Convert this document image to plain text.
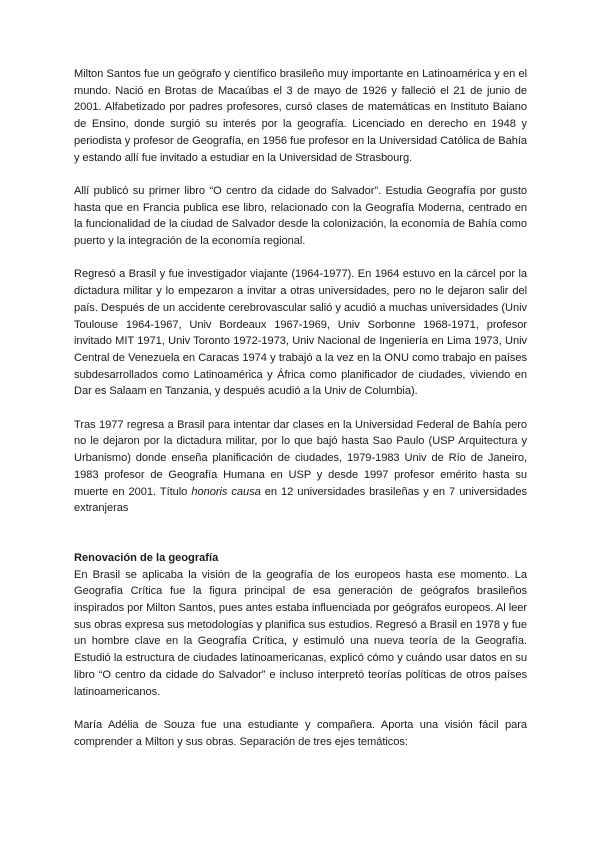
Milton Santos fue un geógrafo y científico brasileño muy importante en Latinoamérica y en el mundo. Nació en Brotas de Macaúbas el 3 de mayo de 1926 y falleció el 21 de junio de 2001. Alfabetizado por padres profesores, cursó clases de matemáticas en Instituto Baiano de Ensino, donde surgió su interés por la geografía. Licenciado en derecho en 1948 y periodista y profesor de Geografía, en 1956 fue profesor en la Universidad Católica de Bahía y estando allí fue invitado a estudiar en la Universidad de Strasbourg.

Allí publicó su primer libro “O centro da cidade do Salvador”. Estudia Geografía por gusto hasta que en Francia publica ese libro, relacionado con la Geografía Moderna, centrado en la funcionalidad de la ciudad de Salvador desde la colonización, la economía de Bahía como puerto y la integración de la economía regional.

Regresó a Brasil y fue investigador viajante (1964-1977). En 1964 estuvo en la cárcel por la dictadura militar y lo empezaron a invitar a otras universidades, pero no le dejaron salir del país. Después de un accidente cerebrovascular salió y acudió a muchas universidades (Univ Toulouse 1964-1967, Univ Bordeaux 1967-1969, Univ Sorbonne 1968-1971, profesor invitado MIT 1971, Univ Toronto 1972-1973, Univ Nacional de Ingeniería en Lima 1973, Univ Central de Venezuela en Caracas 1974 y trabajó a la vez en la ONU como trabajo en países subdesarrollados como Latinoamérica y África como planificador de ciudades, viviendo en Dar es Salaam en Tanzania, y después acudió a la Univ de Columbia).

Tras 1977 regresa a Brasil para intentar dar clases en la Universidad Federal de Bahía pero no le dejaron por la dictadura militar, por lo que bajó hasta Sao Paulo (USP Arquitectura y Urbanismo) donde enseña planificación de ciudades, 1979-1983 Univ de Río de Janeiro, 1983 profesor de Geografía Humana en USP y desde 1997 profesor emérito hasta su muerte en 2001. Título honoris causa en 12 universidades brasileñas y en 7 universidades extranjeras

Renovación de la geografía

En Brasil se aplicaba la visión de la geografía de los europeos hasta ese momento. La Geografía Crítica fue la figura principal de esa generación de geógrafos brasileños inspirados por Milton Santos, pues antes estaba influenciada por geógrafos europeos. Al leer sus obras expresa sus metodologías y planifica sus estudios. Regresó a Brasil en 1978 y fue un hombre clave en la Geografía Crítica, y estimuló una nueva teoría de la Geografía. Estudió la estructura de ciudades latinoamericanas, explicó cómo y cuándo usar datos en su libro “O centro da cidade do Salvador” e incluso interpretó teorías políticas de otros países latinoamericanos.

María Adélia de Souza fue una estudiante y compañera. Aporta una visión fácil para comprender a Milton y sus obras. Separación de tres ejes temáticos:
